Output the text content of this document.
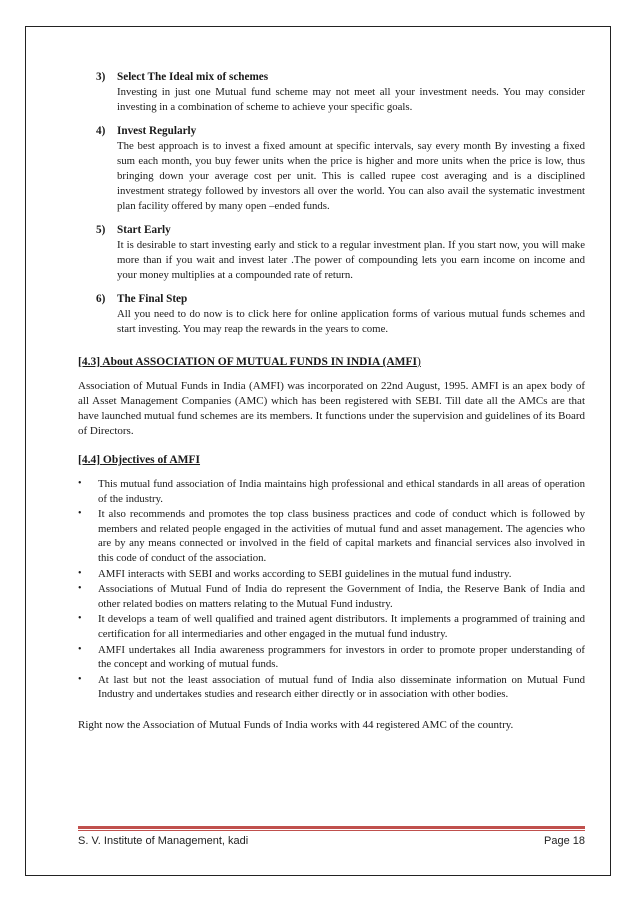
3)	Select The Ideal mix of schemes
Investing in just one Mutual fund scheme may not meet all your investment needs. You may consider investing in a combination of scheme to achieve your specific goals.
4)	Invest Regularly
The best approach is to invest a fixed amount at specific intervals, say every month By investing a fixed sum each month, you buy fewer units when the price is higher and more units when the price is low, thus bringing down your average cost per unit. This is called rupee cost averaging and is a disciplined investment strategy followed by investors all over the world. You can also avail the systematic investment plan facility offered by many open –ended funds.
5)	Start Early
It is desirable to start investing early and stick to a regular investment plan. If you start now, you will make more than if you wait and invest later .The power of compounding lets you earn income on income and your money multiplies at a compounded rate of return.
6)	The Final Step
All you need to do now is to click here for online application forms of various mutual funds schemes and start investing. You may reap the rewards in the years to come.
[4.3] About ASSOCIATION OF MUTUAL FUNDS IN INDIA (AMFI)

Association of Mutual Funds in India (AMFI) was incorporated on 22nd August, 1995. AMFI is an apex body of all Asset Management Companies (AMC) which has been registered with SEBI. Till date all the AMCs are that have launched mutual fund schemes are its members. It functions under the supervision and guidelines of its Board of Directors.

[4.4] Objectives of AMFI
•	This mutual fund association of India maintains high professional and ethical standards in all areas of operation of the industry.
•	It also recommends and promotes the top class business practices and code of conduct which is followed by members and related people engaged in the activities of mutual fund and asset management. The agencies who are by any means connected or involved in the field of capital markets and financial services also involved in this code of conduct of the association.
•	AMFI interacts with SEBI and works according to SEBI guidelines in the mutual fund industry.
•	Associations of Mutual Fund of India do represent the Government of India, the Reserve Bank of India and other related bodies on matters relating to the Mutual Fund industry.
•	It develops a team of well qualified and trained agent distributors. It implements a programmed of training and certification for all intermediaries and other engaged in the mutual fund industry.
•	AMFI undertakes all India awareness programmers for investors in order to promote proper understanding of the concept and working of mutual funds.
•	At last but not the least association of mutual fund of India also disseminate information on Mutual Fund Industry and undertakes studies and research either directly or in association with other bodies.
Right now the Association of Mutual Funds of India works with 44 registered AMC of the country.
S. V. Institute of Management, kadi	Page 18
